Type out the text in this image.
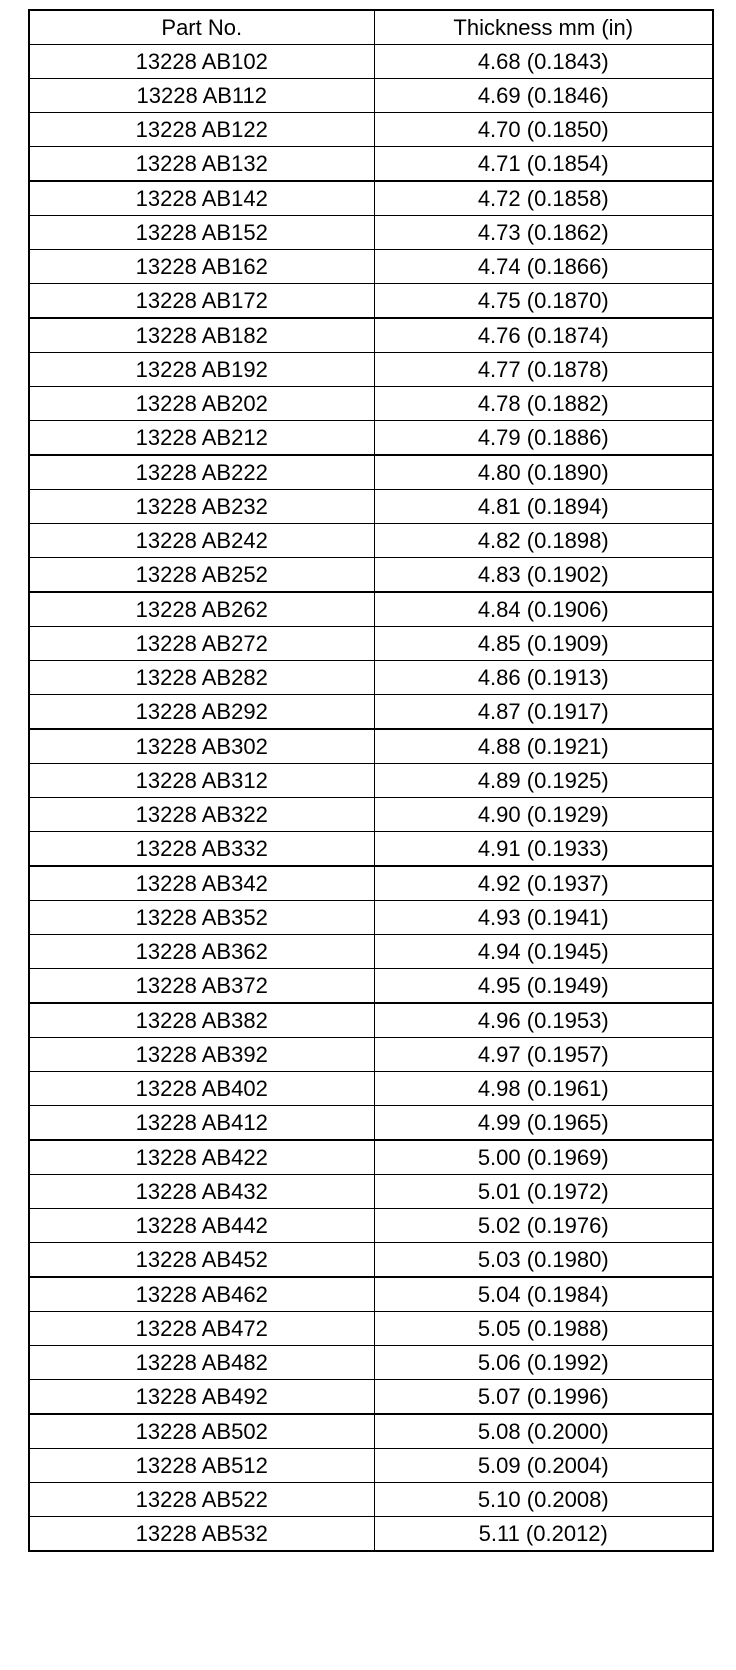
Part No.	Thickness mm (in)
13228 AB102	4.68 (0.1843)
13228 AB112	4.69 (0.1846)
13228 AB122	4.70 (0.1850)
13228 AB132	4.71 (0.1854)
13228 AB142	4.72 (0.1858)
13228 AB152	4.73 (0.1862)
13228 AB162	4.74 (0.1866)
13228 AB172	4.75 (0.1870)
13228 AB182	4.76 (0.1874)
13228 AB192	4.77 (0.1878)
13228 AB202	4.78 (0.1882)
13228 AB212	4.79 (0.1886)
13228 AB222	4.80 (0.1890)
13228 AB232	4.81 (0.1894)
13228 AB242	4.82 (0.1898)
13228 AB252	4.83 (0.1902)
13228 AB262	4.84 (0.1906)
13228 AB272	4.85 (0.1909)
13228 AB282	4.86 (0.1913)
13228 AB292	4.87 (0.1917)
13228 AB302	4.88 (0.1921)
13228 AB312	4.89 (0.1925)
13228 AB322	4.90 (0.1929)
13228 AB332	4.91 (0.1933)
13228 AB342	4.92 (0.1937)
13228 AB352	4.93 (0.1941)
13228 AB362	4.94 (0.1945)
13228 AB372	4.95 (0.1949)
13228 AB382	4.96 (0.1953)
13228 AB392	4.97 (0.1957)
13228 AB402	4.98 (0.1961)
13228 AB412	4.99 (0.1965)
13228 AB422	5.00 (0.1969)
13228 AB432	5.01 (0.1972)
13228 AB442	5.02 (0.1976)
13228 AB452	5.03 (0.1980)
13228 AB462	5.04 (0.1984)
13228 AB472	5.05 (0.1988)
13228 AB482	5.06 (0.1992)
13228 AB492	5.07 (0.1996)
13228 AB502	5.08 (0.2000)
13228 AB512	5.09 (0.2004)
13228 AB522	5.10 (0.2008)
13228 AB532	5.11 (0.2012)
